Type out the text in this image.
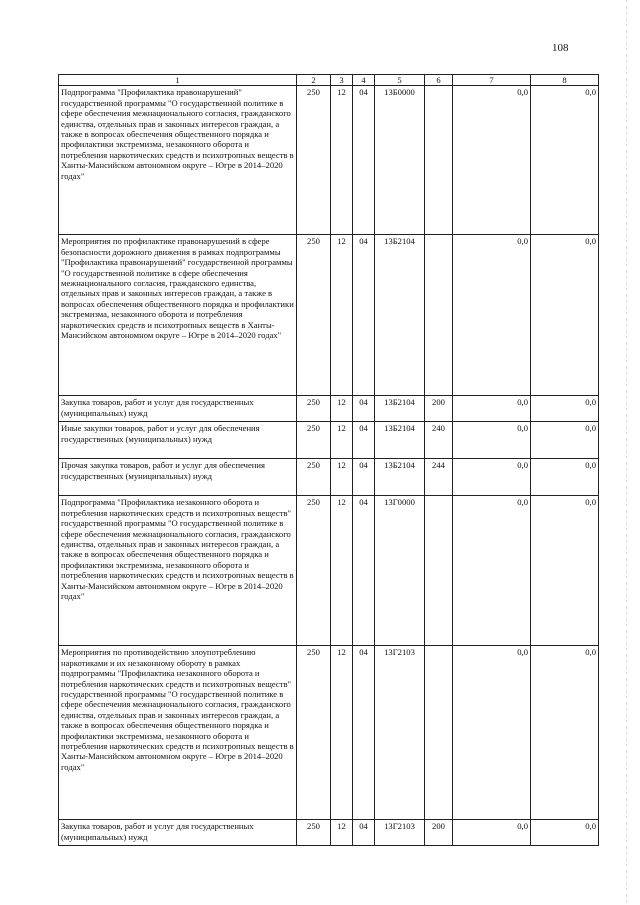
108
1	2	3	4	5	6	7	8
Подпрограмма "Профилактика правонарушений" государственной программы "О государственной политике в сфере обеспечения межнационального согласия, гражданского единства, отдельных прав и законных интересов граждан, а также в вопросах обеспечения общественного порядка и профилактики экстремизма, незаконного оборота и потребления наркотических средств и психотропных веществ в Ханты-Мансийском автономном округе – Югре в 2014–2020 годах"	250	12	04	13Б0000		0,0	0,0
Мероприятия по профилактике правонарушений в сфере безопасности дорожного движения в рамках подпрограммы "Профилактика правонарушений" государственной программы "О государственной политике в сфере обеспечения межнационального согласия, гражданского единства, отдельных прав и законных интересов граждан, а также в вопросах обеспечения общественного порядка и профилактики экстремизма, незаконного оборота и потребления наркотических средств и психотропных веществ в Ханты-Мансийском автономном округе – Югре в 2014–2020 годах"	250	12	04	13Б2104		0,0	0,0
Закупка товаров, работ и услуг для государственных (муниципальных) нужд	250	12	04	13Б2104	200	0,0	0,0
Иные закупки товаров, работ и услуг для обеспечения государственных (муниципальных) нужд	250	12	04	13Б2104	240	0,0	0,0
Прочая закупка товаров, работ и услуг для обеспечения государственных (муниципальных) нужд	250	12	04	13Б2104	244	0,0	0,0
Подпрограмма "Профилактика незаконного оборота и потребления наркотических средств и психотропных веществ" государственной программы "О государственной политике в сфере обеспечения межнационального согласия, гражданского единства, отдельных прав и законных интересов граждан, а также в вопросах обеспечения общественного порядка и профилактики экстремизма, незаконного оборота и потребления наркотических средств и психотропных веществ в Ханты-Мансийском автономном округе – Югре в 2014–2020 годах"	250	12	04	13Г0000		0,0	0,0
Мероприятия по противодействию злоупотреблению наркотиками и их незаконному обороту в рамках подпрограммы "Профилактика незаконного оборота и потребления наркотических средств и психотропных веществ" государственной программы "О государственной политике в сфере обеспечения межнационального согласия, гражданского единства, отдельных прав и законных интересов граждан, а также в вопросах обеспечения общественного порядка и профилактики экстремизма, незаконного оборота и потребления наркотических средств и психотропных веществ в Ханты-Мансийском автономном округе – Югре в 2014–2020 годах"	250	12	04	13Г2103		0,0	0,0
Закупка товаров, работ и услуг для государственных (муниципальных) нужд	250	12	04	13Г2103	200	0,0	0,0
